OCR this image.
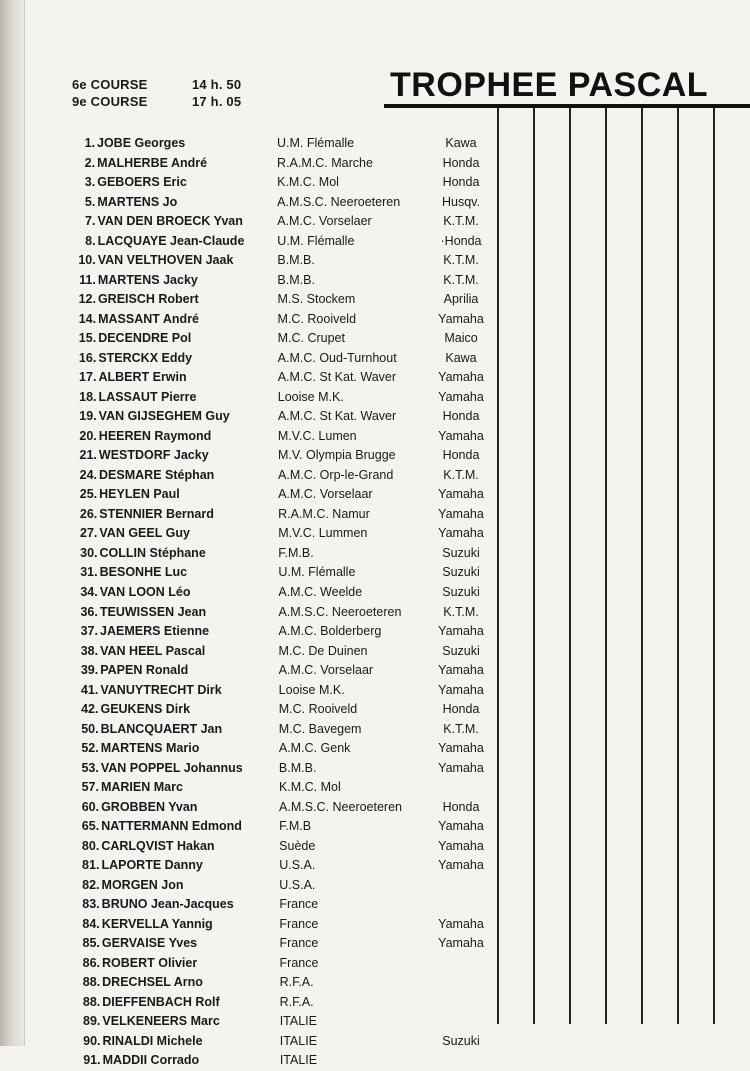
6e COURSE	14 h. 50
9e COURSE	17 h. 05	TROPHEE PASCAL
1. JOBE Georges	U.M. Flémalle	Kawa
2. MALHERBE André	R.A.M.C. Marche	Honda
3. GEBOERS Eric	K.M.C. Mol	Honda
5. MARTENS Jo	A.M.S.C. Neeroeteren	Husqv.
7. VAN DEN BROECK Yvan	A.M.C. Vorselaer	K.T.M.
8. LACQUAYE Jean-Claude	U.M. Flémalle	·Honda
10. VAN VELTHOVEN Jaak	B.M.B.	K.T.M.
11. MARTENS Jacky	B.M.B.	K.T.M.
12. GREISCH Robert	M.S. Stockem	Aprilia
14. MASSANT André	M.C. Rooiveld	Yamaha
15. DECENDRE Pol	M.C. Crupet	Maico
16. STERCKX Eddy	A.M.C. Oud-Turnhout	Kawa
17. ALBERT Erwin	A.M.C. St Kat. Waver	Yamaha
18. LASSAUT Pierre	Looise M.K.	Yamaha
19. VAN GIJSEGHEM Guy	A.M.C. St Kat. Waver	Honda
20. HEEREN Raymond	M.V.C. Lumen	Yamaha
21. WESTDORF Jacky	M.V. Olympia Brugge	Honda
24. DESMARE Stéphan	A.M.C. Orp-le-Grand	K.T.M.
25. HEYLEN Paul	A.M.C. Vorselaar	Yamaha
26. STENNIER Bernard	R.A.M.C. Namur	Yamaha
27. VAN GEEL Guy	M.V.C. Lummen	Yamaha
30. COLLIN Stéphane	F.M.B.	Suzuki
31. BESONHE Luc	U.M. Flémalle	Suzuki
34. VAN LOON Léo	A.M.C. Weelde	Suzuki
36. TEUWISSEN Jean	A.M.S.C. Neeroeteren	K.T.M.
37. JAEMERS Etienne	A.M.C. Bolderberg	Yamaha
38. VAN HEEL Pascal	M.C. De Duinen	Suzuki
39. PAPEN Ronald	A.M.C. Vorselaar	Yamaha
41. VANUYTRECHT Dirk	Looise M.K.	Yamaha
42. GEUKENS Dirk	M.C. Rooiveld	Honda
50. BLANCQUAERT Jan	M.C. Bavegem	K.T.M.
52. MARTENS Mario	A.M.C. Genk	Yamaha
53. VAN POPPEL Johannus	B.M.B.	Yamaha
57. MARIEN Marc	K.M.C. Mol
60. GROBBEN Yvan	A.M.S.C. Neeroeteren	Honda
65. NATTERMANN Edmond	F.M.B	Yamaha
80. CARLQVIST Hakan	Suède	Yamaha
81. LAPORTE Danny	U.S.A.	Yamaha
82. MORGEN Jon	U.S.A.
83. BRUNO Jean-Jacques	France
84. KERVELLA Yannig	France	Yamaha
85. GERVAISE Yves	France	Yamaha
86. ROBERT Olivier	France
88. DRECHSEL Arno	R.F.A.
88. DIEFFENBACH Rolf	R.F.A.
89. VELKENEERS Marc	ITALIE
90. RINALDI Michele	ITALIE	Suzuki
91. MADDII Corrado	ITALIE
